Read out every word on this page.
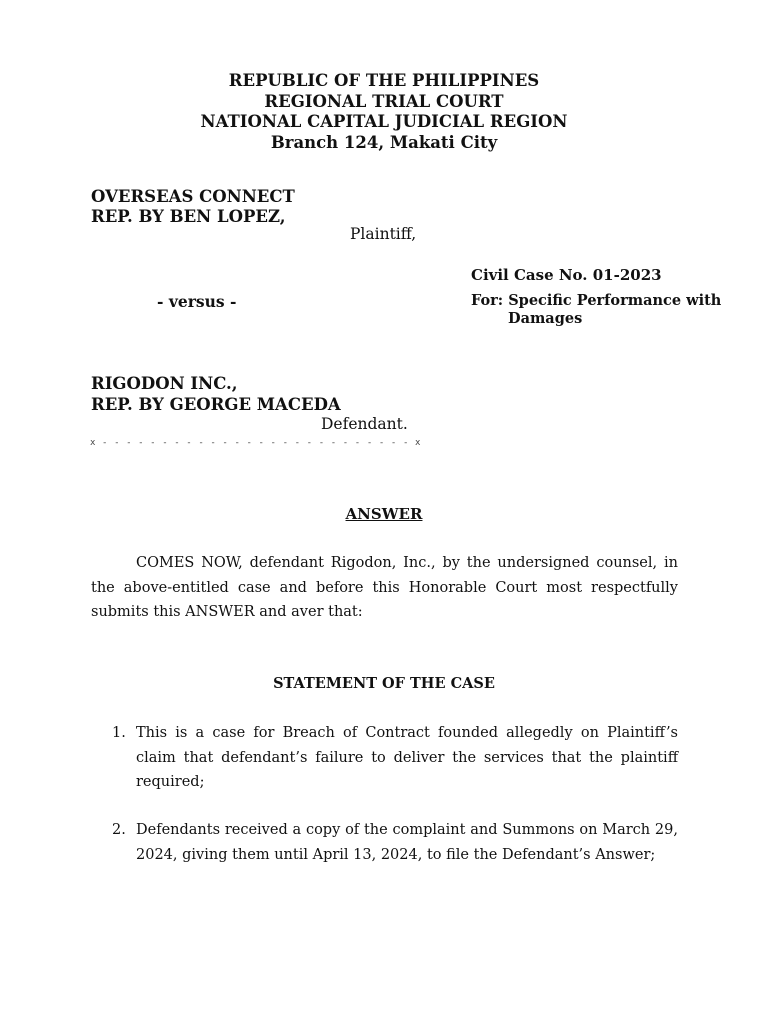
REPUBLIC OF THE PHILIPPINES
REGIONAL TRIAL COURT
NATIONAL CAPITAL JUDICIAL REGION
Branch 124, Makati City
OVERSEAS CONNECT
REP. BY BEN LOPEZ,
Plaintiff,
Civil Case No. 01-2023
- versus -	For: Specific Performance with
Damages
RIGODON INC.,
REP. BY GEORGE MACEDA
Defendant.
x - - - - - - - - - - - - - - - - - - - - - - - - - - x
ANSWER
COMES NOW, defendant Rigodon, Inc., by the undersigned counsel, in the above-entitled case and before this Honorable Court most respectfully submits this ANSWER and aver that:
STATEMENT OF THE CASE
1. This is a case for Breach of Contract founded allegedly on Plaintiff’s claim that defendant’s failure to deliver the services that the plaintiff required;
2. Defendants received a copy of the complaint and Summons on March 29, 2024, giving them until April 13, 2024, to file the Defendant’s Answer;
